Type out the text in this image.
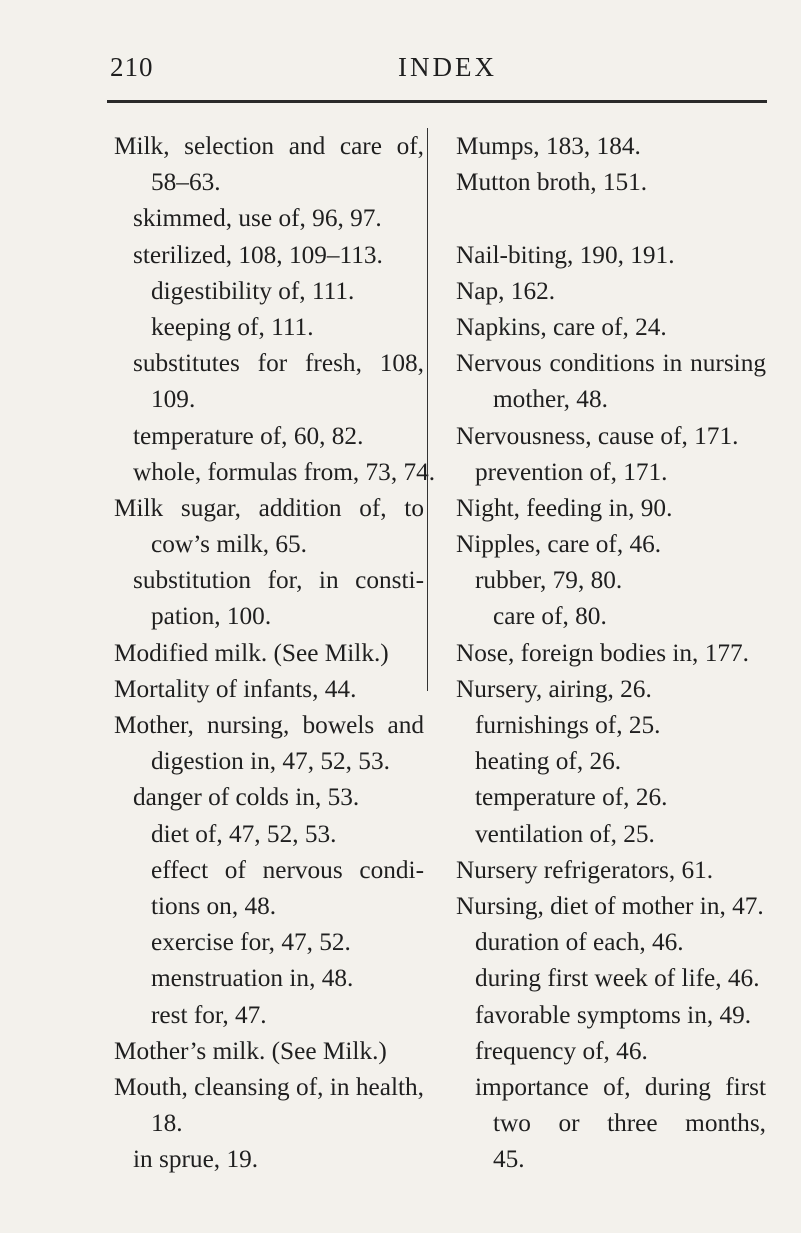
210	INDEX
Milk, selection and care of,
58–63.
skimmed, use of, 96, 97.
sterilized, 108, 109–113.
digestibility of, 111.
keeping of, 111.
substitutes for fresh, 108,
109.
temperature of, 60, 82.
whole, formulas from, 73, 74.
Milk sugar, addition of, to
cow’s milk, 65.
substitution for, in consti-
pation, 100.
Modified milk. (See Milk.)
Mortality of infants, 44.
Mother, nursing, bowels and
digestion in, 47, 52, 53.
danger of colds in, 53.
diet of, 47, 52, 53.
effect of nervous condi-
tions on, 48.
exercise for, 47, 52.
menstruation in, 48.
rest for, 47.
Mother’s milk. (See Milk.)
Mouth, cleansing of, in health,
18.
in sprue, 19.
Mumps, 183, 184.
Mutton broth, 151.
Nail-biting, 190, 191.
Nap, 162.
Napkins, care of, 24.
Nervous conditions in nursing
mother, 48.
Nervousness, cause of, 171.
prevention of, 171.
Night, feeding in, 90.
Nipples, care of, 46.
rubber, 79, 80.
care of, 80.
Nose, foreign bodies in, 177.
Nursery, airing, 26.
furnishings of, 25.
heating of, 26.
temperature of, 26.
ventilation of, 25.
Nursery refrigerators, 61.
Nursing, diet of mother in, 47.
duration of each, 46.
during first week of life, 46.
favorable symptoms in, 49.
frequency of, 46.
importance of, during first
two or three months,
45.
